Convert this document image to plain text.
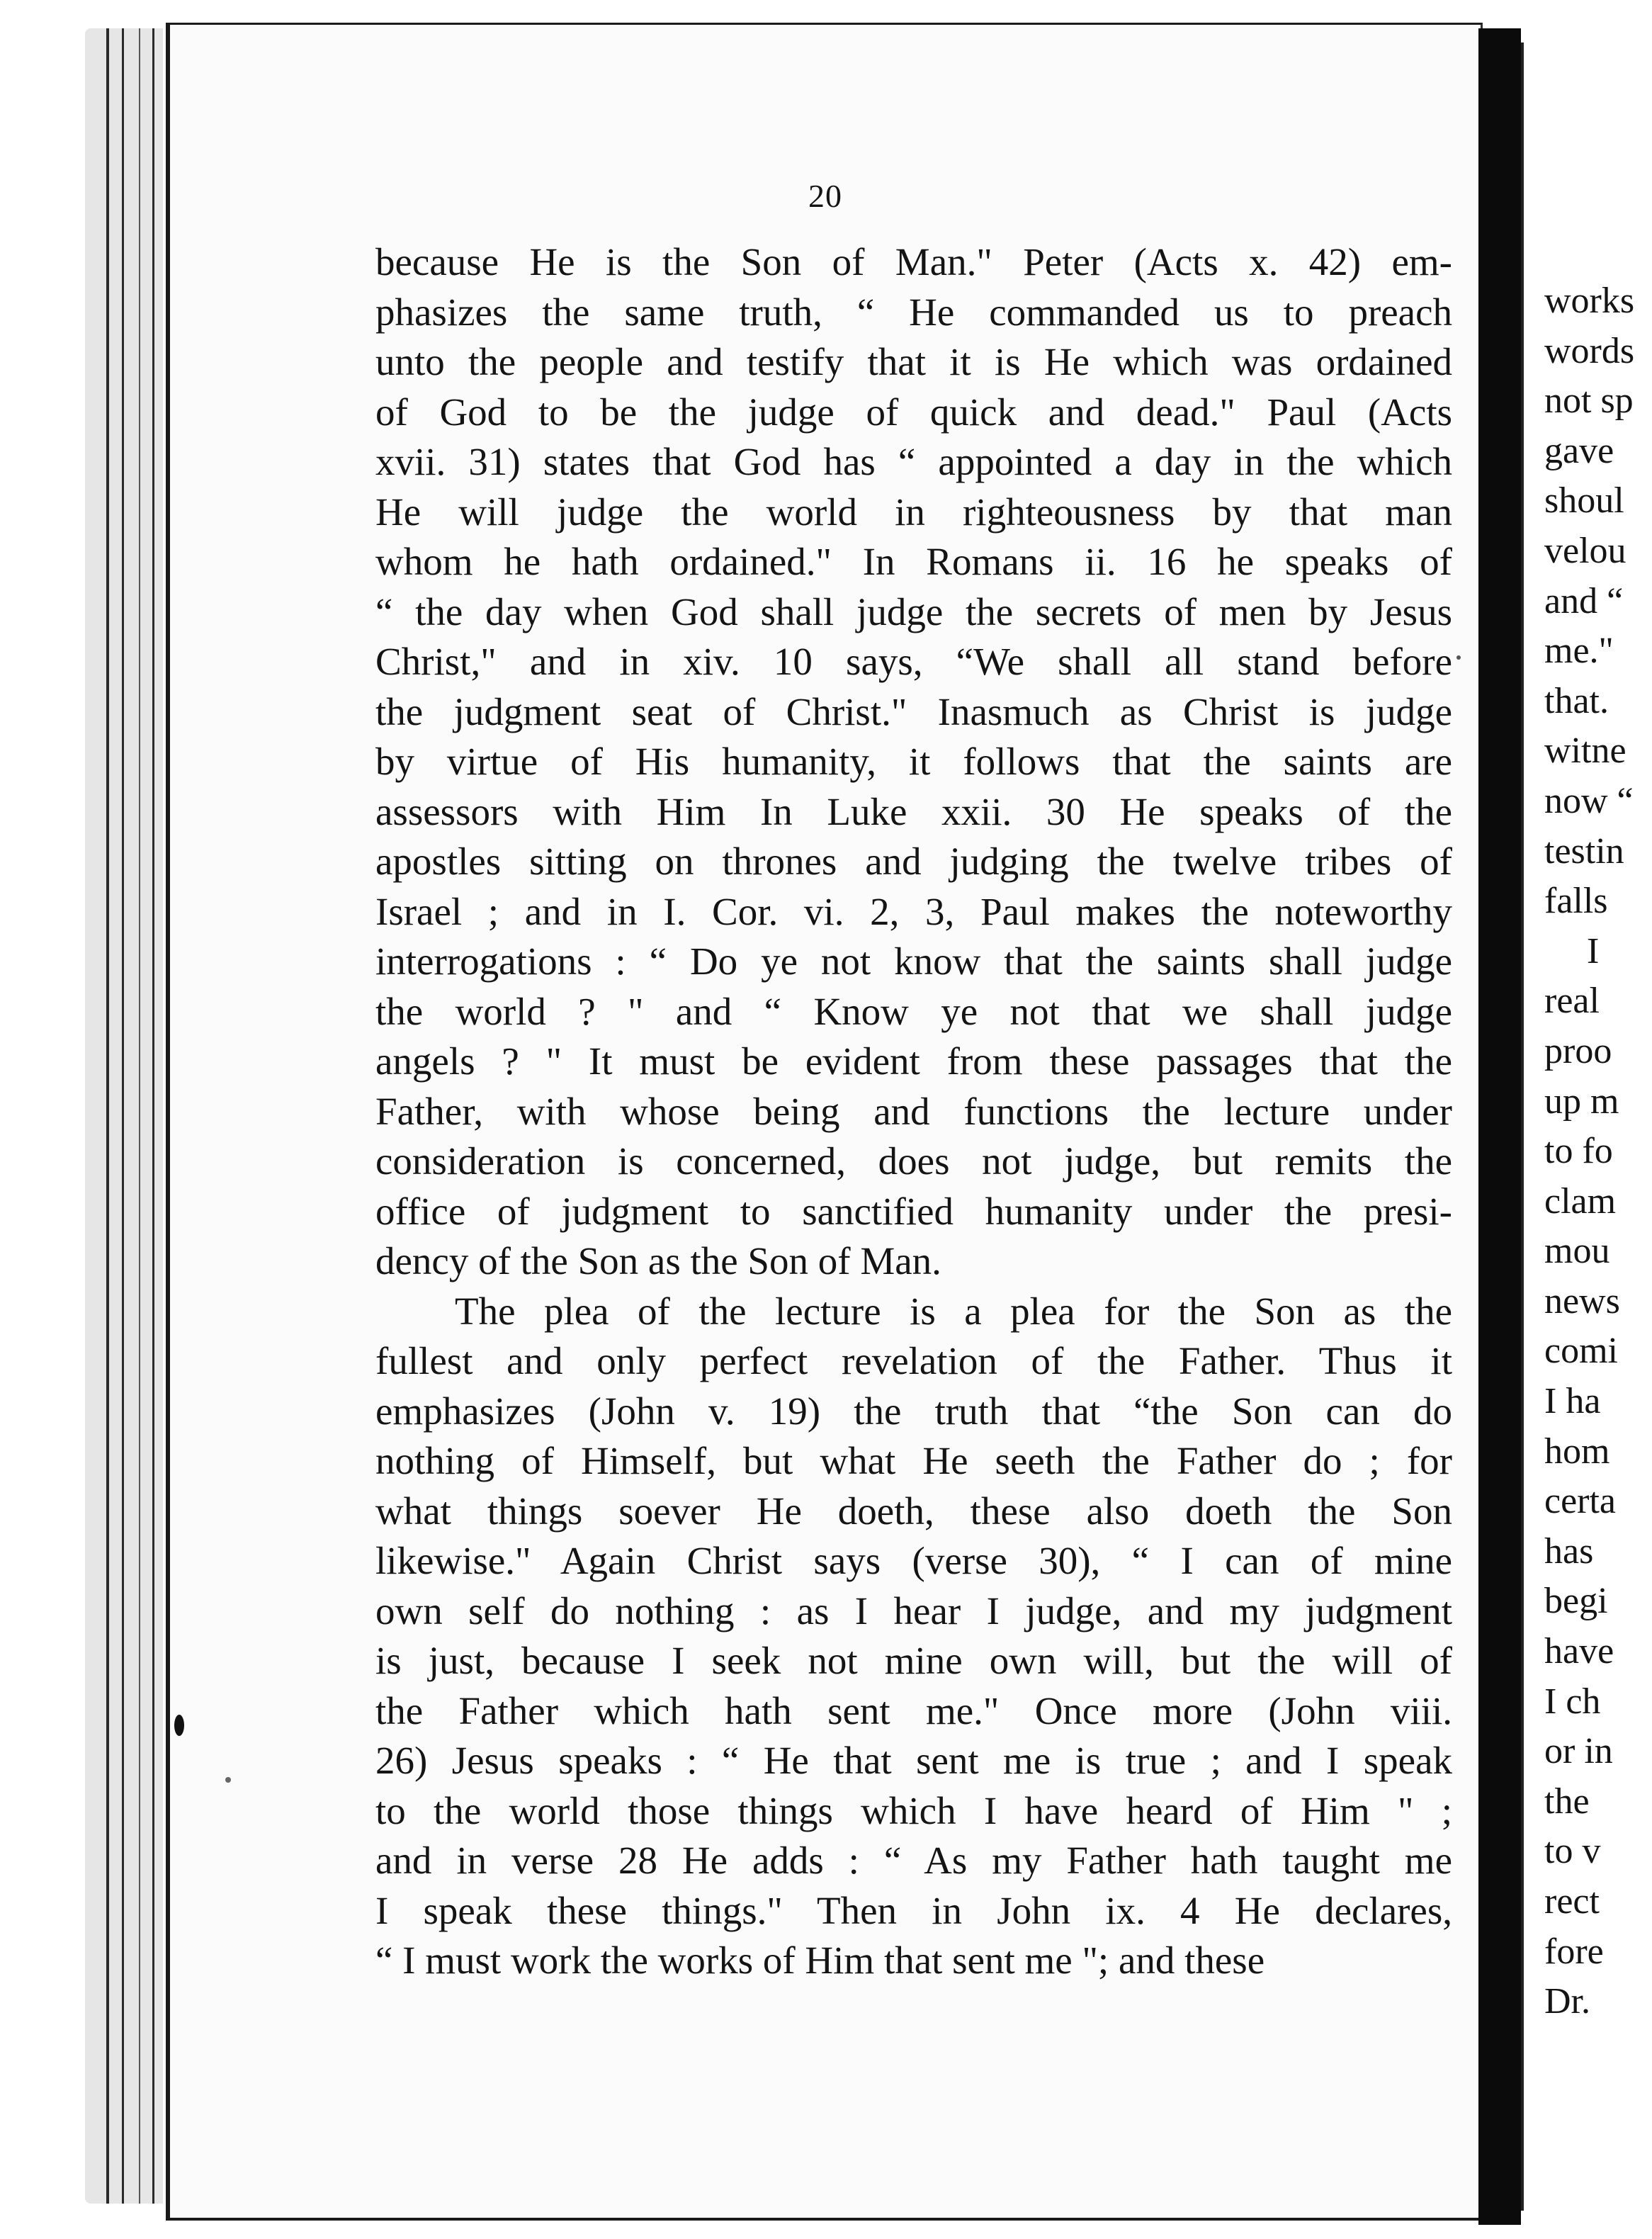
20
because He is the Son of Man." Peter (Acts x. 42) em-
phasizes the same truth, “ He commanded us to preach
unto the people and testify that it is He which was ordained
of God to be the judge of quick and dead." Paul (Acts
xvii. 31) states that God has “ appointed a day in the which
He will judge the world in righteousness by that man
whom he hath ordained." In Romans ii. 16 he speaks of
“ the day when God shall judge the secrets of men by Jesus
Christ," and in xiv. 10 says, “We shall all stand before
the judgment seat of Christ." Inasmuch as Christ is judge
by virtue of His humanity, it follows that the saints are
assessors with Him In Luke xxii. 30 He speaks of the
apostles sitting on thrones and judging the twelve tribes of
Israel ; and in I. Cor. vi. 2, 3, Paul makes the noteworthy
interrogations : “ Do ye not know that the saints shall judge
the world ? " and “ Know ye not that we shall judge
angels ? " It must be evident from these passages that the
Father, with whose being and functions the lecture under
consideration is concerned, does not judge, but remits the
office of judgment to sanctified humanity under the presi-
dency of the Son as the Son of Man.
The plea of the lecture is a plea for the Son as the
fullest and only perfect revelation of the Father. Thus it
emphasizes (John v. 19) the truth that “the Son can do
nothing of Himself, but what He seeth the Father do ; for
what things soever He doeth, these also doeth the Son
likewise." Again Christ says (verse 30), “ I can of mine
own self do nothing : as I hear I judge, and my judgment
is just, because I seek not mine own will, but the will of
the Father which hath sent me." Once more (John viii.
26) Jesus speaks : “ He that sent me is true ; and I speak
to the world those things which I have heard of Him " ;
and in verse 28 He adds : “ As my Father hath taught me
I speak these things." Then in John ix. 4 He declares,
“ I must work the works of Him that sent me "; and these
works
words
not sp
gave
shoul
velou
and “
me."
that.
witne
now “
testin
falls
I
real
proo
up m
to fo
clam
mou
news
comi
I ha
hom
certa
has
begi
have
I ch
or in
the
to v
rect
fore
Dr.
